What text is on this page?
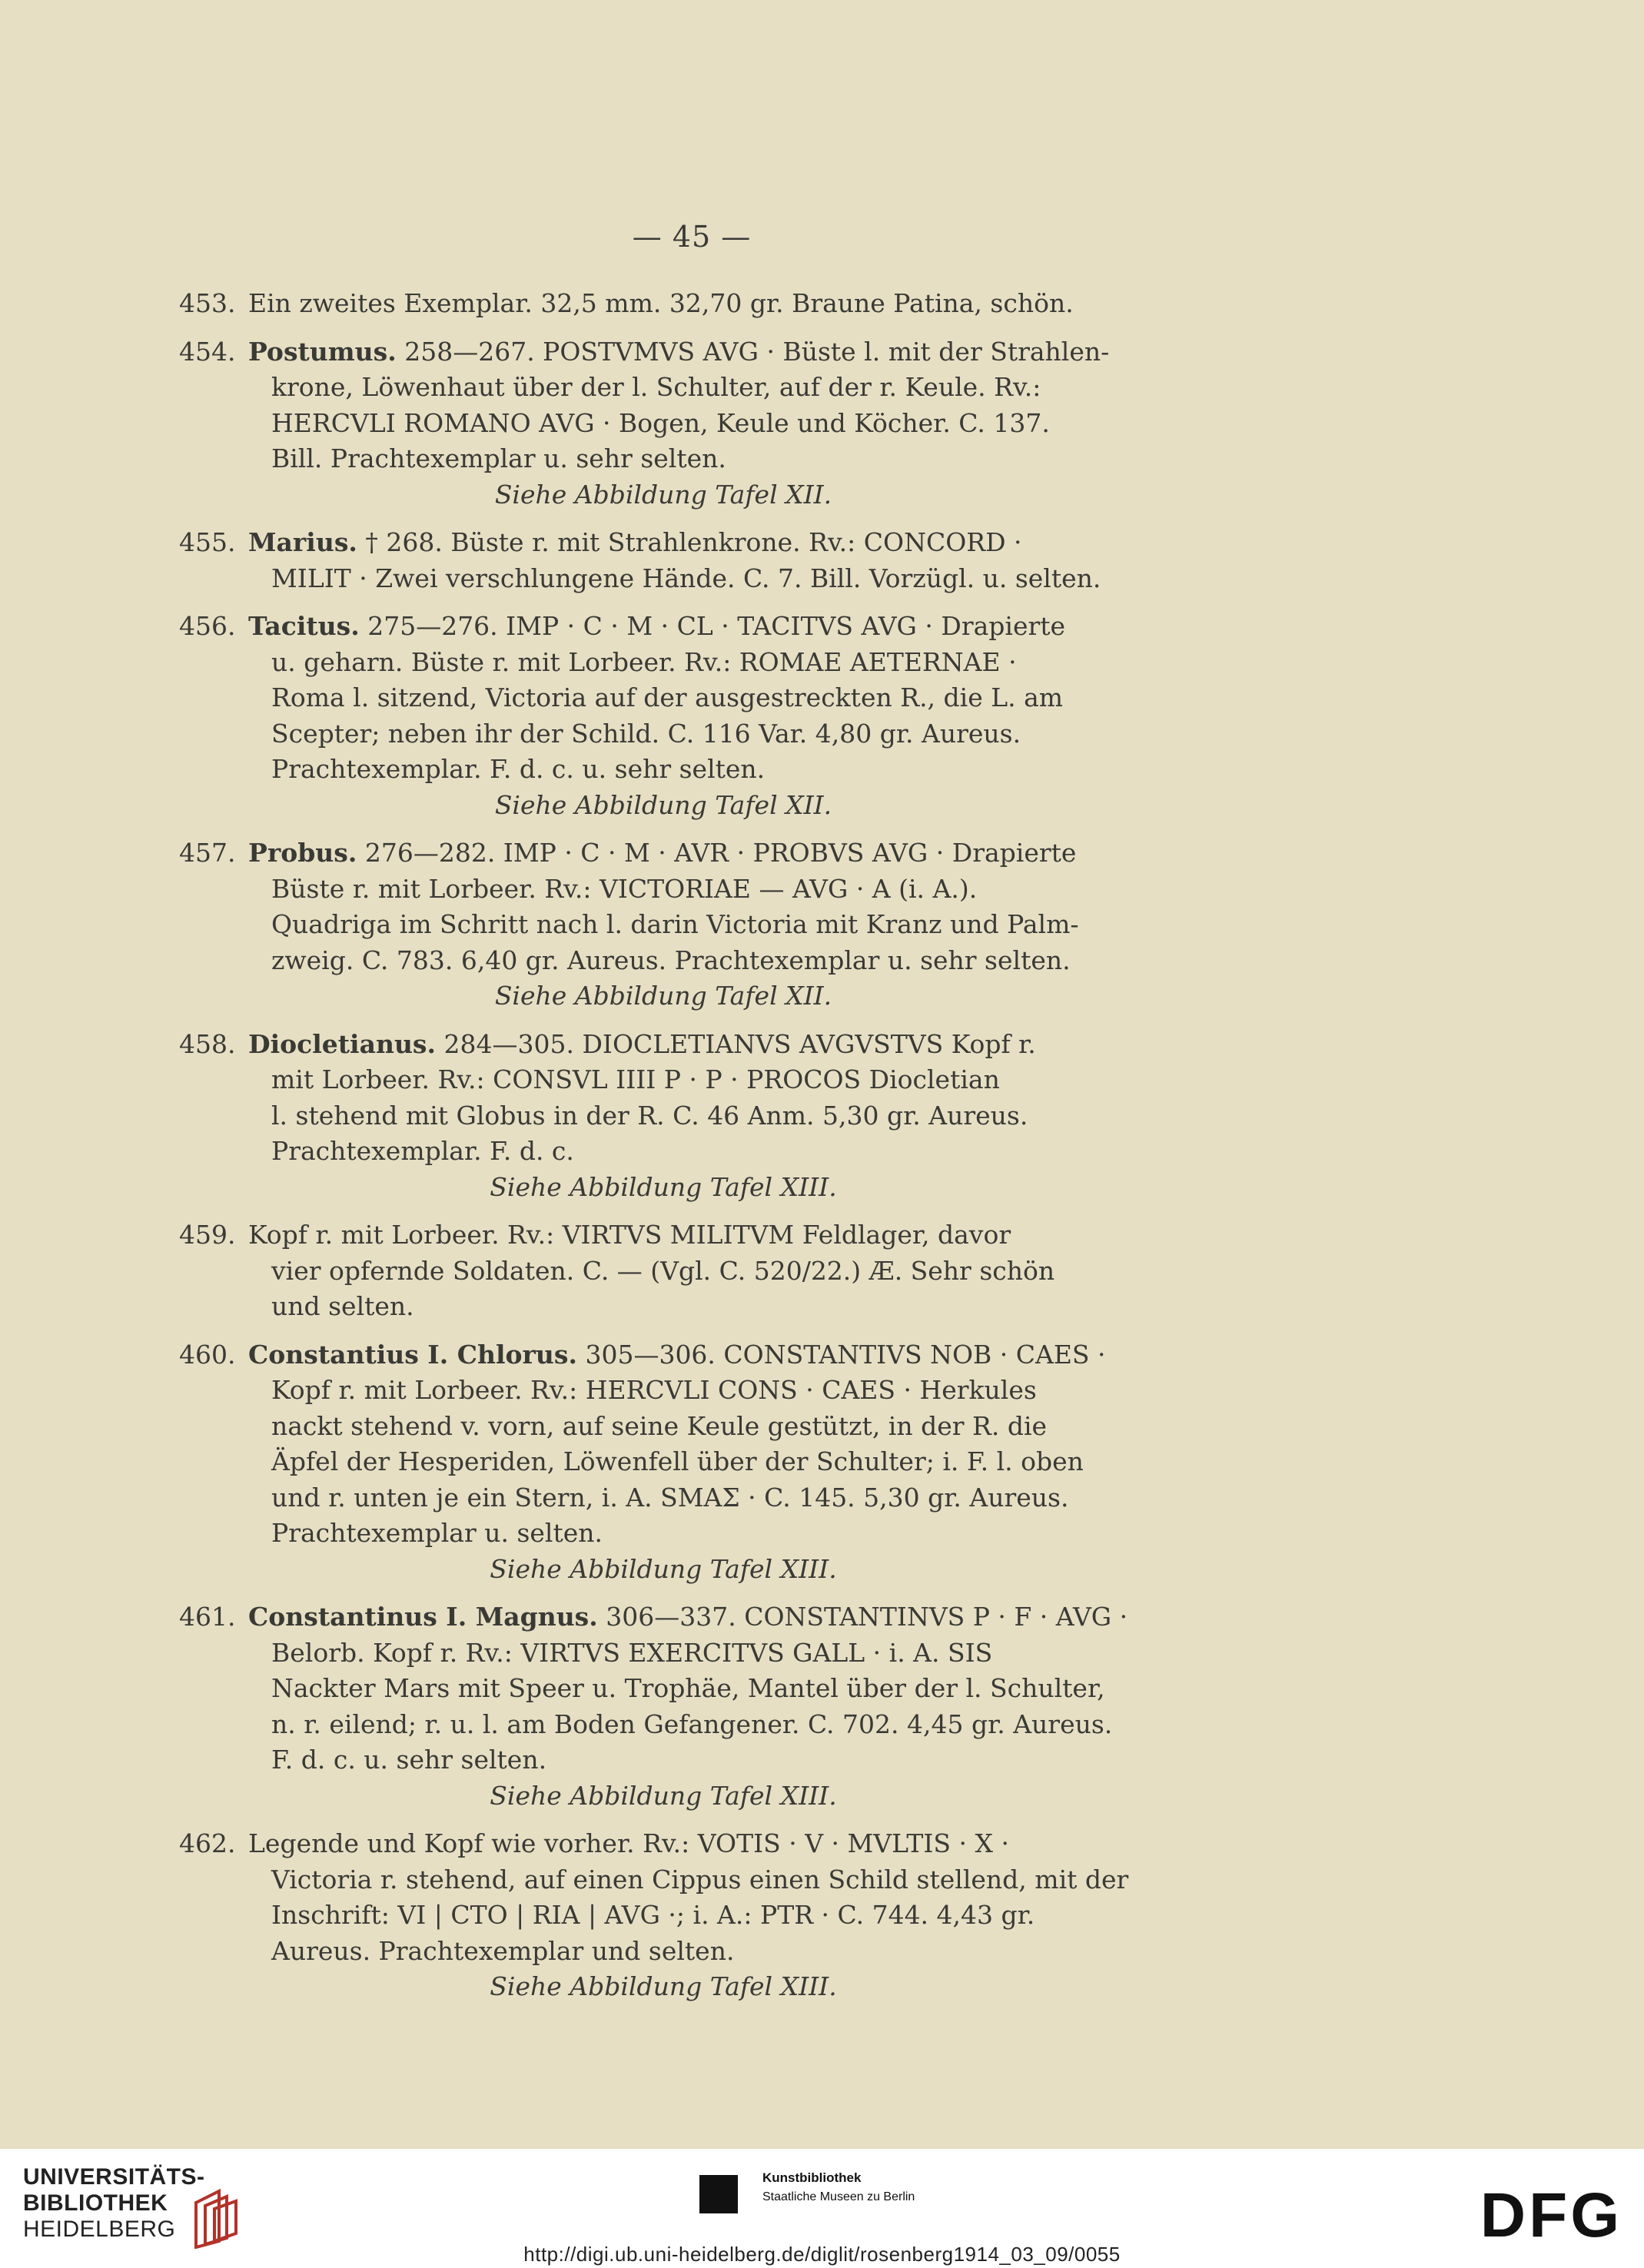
— 45 —
453. Ein zweites Exemplar. 32,5 mm. 32,70 gr. Braune Patina, schön.
454. Postumus. 258—267. POSTVMVS AVG · Büste l. mit der Strahlen-
krone, Löwenhaut über der l. Schulter, auf der r. Keule. Rv.:
HERCVLI ROMANO AVG · Bogen, Keule und Köcher. C. 137.
Bill. Prachtexemplar u. sehr selten.
Siehe Abbildung Tafel XII.
455. Marius. † 268. Büste r. mit Strahlenkrone. Rv.: CONCORD ·
MILIT · Zwei verschlungene Hände. C. 7. Bill. Vorzügl. u. selten.
456. Tacitus. 275—276. IMP · C · M · CL · TACITVS AVG · Drapierte
u. geharn. Büste r. mit Lorbeer. Rv.: ROMAE AETERNAE ·
Roma l. sitzend, Victoria auf der ausgestreckten R., die L. am
Scepter; neben ihr der Schild. C. 116 Var. 4,80 gr. Aureus.
Prachtexemplar. F. d. c. u. sehr selten.
Siehe Abbildung Tafel XII.
457. Probus. 276—282. IMP · C · M · AVR · PROBVS AVG · Drapierte
Büste r. mit Lorbeer. Rv.: VICTORIAE — AVG · A (i. A.).
Quadriga im Schritt nach l. darin Victoria mit Kranz und Palm-
zweig. C. 783. 6,40 gr. Aureus. Prachtexemplar u. sehr selten.
Siehe Abbildung Tafel XII.
458. Diocletianus. 284—305. DIOCLETIANVS AVGVSTVS Kopf r.
mit Lorbeer. Rv.: CONSVL IIII P · P · PROCOS Diocletian
l. stehend mit Globus in der R. C. 46 Anm. 5,30 gr. Aureus.
Prachtexemplar. F. d. c.
Siehe Abbildung Tafel XIII.
459. Kopf r. mit Lorbeer. Rv.: VIRTVS MILITVM Feldlager, davor
vier opfernde Soldaten. C. — (Vgl. C. 520/22.) Æ. Sehr schön
und selten.
460. Constantius I. Chlorus. 305—306. CONSTANTIVS NOB · CAES ·
Kopf r. mit Lorbeer. Rv.: HERCVLI CONS · CAES · Herkules
nackt stehend v. vorn, auf seine Keule gestützt, in der R. die
Äpfel der Hesperiden, Löwenfell über der Schulter; i. F. l. oben
und r. unten je ein Stern, i. A. SMAΣ · C. 145. 5,30 gr. Aureus.
Prachtexemplar u. selten.
Siehe Abbildung Tafel XIII.
461. Constantinus I. Magnus. 306—337. CONSTANTINVS P · F · AVG ·
Belorb. Kopf r. Rv.: VIRTVS EXERCITVS GALL · i. A. SIS
Nackter Mars mit Speer u. Trophäe, Mantel über der l. Schulter,
n. r. eilend; r. u. l. am Boden Gefangener. C. 702. 4,45 gr. Aureus.
F. d. c. u. sehr selten.
Siehe Abbildung Tafel XIII.
462. Legende und Kopf wie vorher. Rv.: VOTIS · V · MVLTIS · X ·
Victoria r. stehend, auf einen Cippus einen Schild stellend, mit der
Inschrift: VI | CTO | RIA | AVG ·; i. A.: PTR · C. 744. 4,43 gr.
Aureus. Prachtexemplar und selten.
Siehe Abbildung Tafel XIII.
UNIVERSITÄTS-
BIBLIOTHEK
HEIDELBERG
Kunstbibliothek
Staatliche Museen zu Berlin	DFG
http://digi.ub.uni-heidelberg.de/diglit/rosenberg1914_03_09/0055
